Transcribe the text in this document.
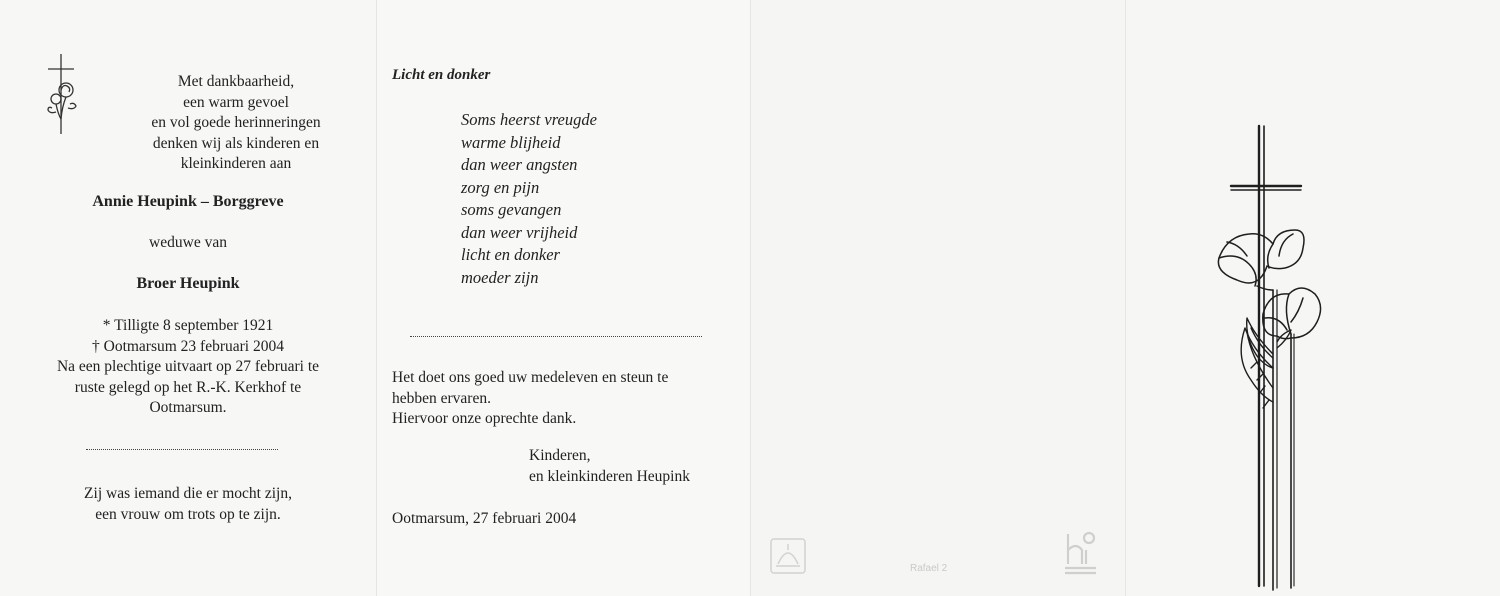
Met dankbaarheid,
een warm gevoel
en vol goede herinneringen
denken wij als kinderen en
kleinkinderen aan
Annie Heupink – Borggreve
weduwe van
Broer Heupink
* Tilligte 8 september 1921
† Ootmarsum 23 februari 2004
Na een plechtige uitvaart op 27 februari te
ruste gelegd op het R.-K. Kerkhof te
Ootmarsum.
Zij was iemand die er mocht zijn,
een vrouw om trots op te zijn.
Licht en donker
Soms heerst vreugde
warme blijheid
dan weer angsten
zorg en pijn
soms gevangen
dan weer vrijheid
licht en donker
moeder zijn
Het doet ons goed uw medeleven en steun te
hebben ervaren.
Hiervoor onze oprechte dank.
Kinderen,
en kleinkinderen Heupink
Ootmarsum, 27 februari 2004
Rafael 2
